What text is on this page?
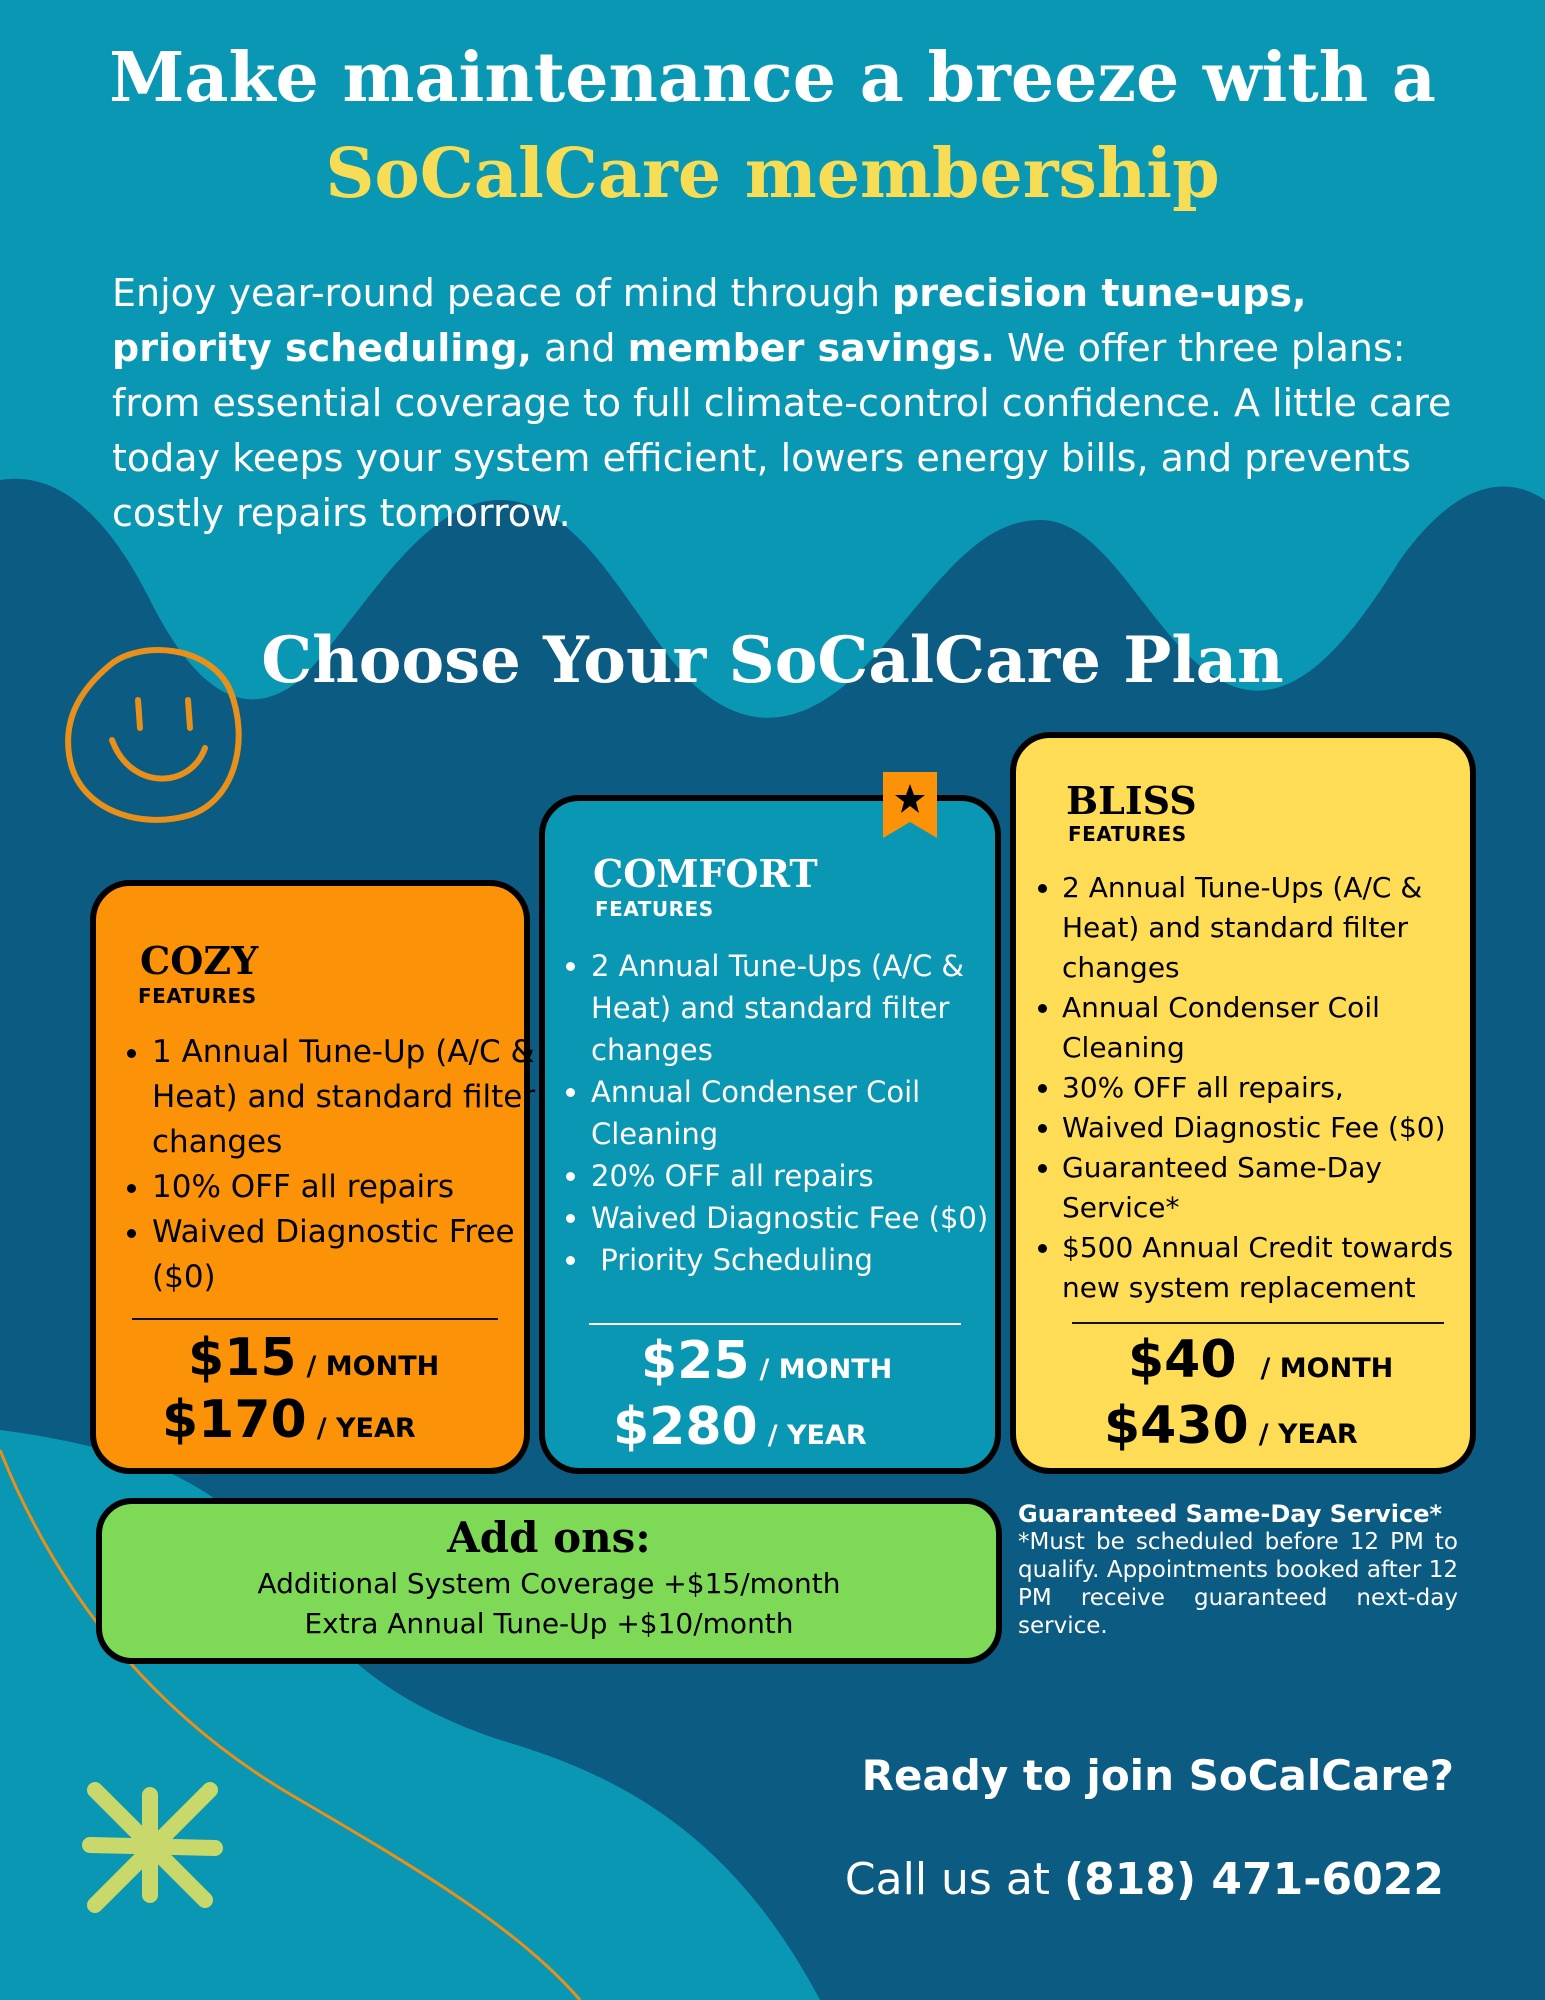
Make maintenance a breeze with a
SoCalCare membership
Enjoy year-round peace of mind through precision tune-ups, priority scheduling, and member savings. We offer three plans: from essential coverage to full climate-control confidence. A little care today keeps your system efficient, lowers energy bills, and prevents costly repairs tomorrow.
Choose Your SoCalCare Plan
COZY
FEATURES
• 1 Annual Tune-Up (A/C & Heat) and standard filter changes
• 10% OFF all repairs
• Waived Diagnostic Free ($0)
$15 / MONTH
$170 / YEAR
COMFORT
FEATURES
• 2 Annual Tune-Ups (A/C & Heat) and standard filter changes
• Annual Condenser Coil Cleaning
• 20% OFF all repairs
• Waived Diagnostic Fee ($0)
•  Priority Scheduling
$25 / MONTH
$280 / YEAR
BLISS
FEATURES
• 2 Annual Tune-Ups (A/C & Heat) and standard filter changes
• Annual Condenser Coil Cleaning
• 30% OFF all repairs,
• Waived Diagnostic Fee ($0)
• Guaranteed Same-Day Service*
• $500 Annual Credit towards new system replacement
$40 / MONTH
$430 / YEAR
Add ons:
Additional System Coverage +$15/month
Extra Annual Tune-Up +$10/month
Guaranteed Same-Day Service*
*Must be scheduled before 12 PM to qualify. Appointments booked after 12 PM receive guaranteed next-day service.
Ready to join SoCalCare?
Call us at (818) 471-6022
